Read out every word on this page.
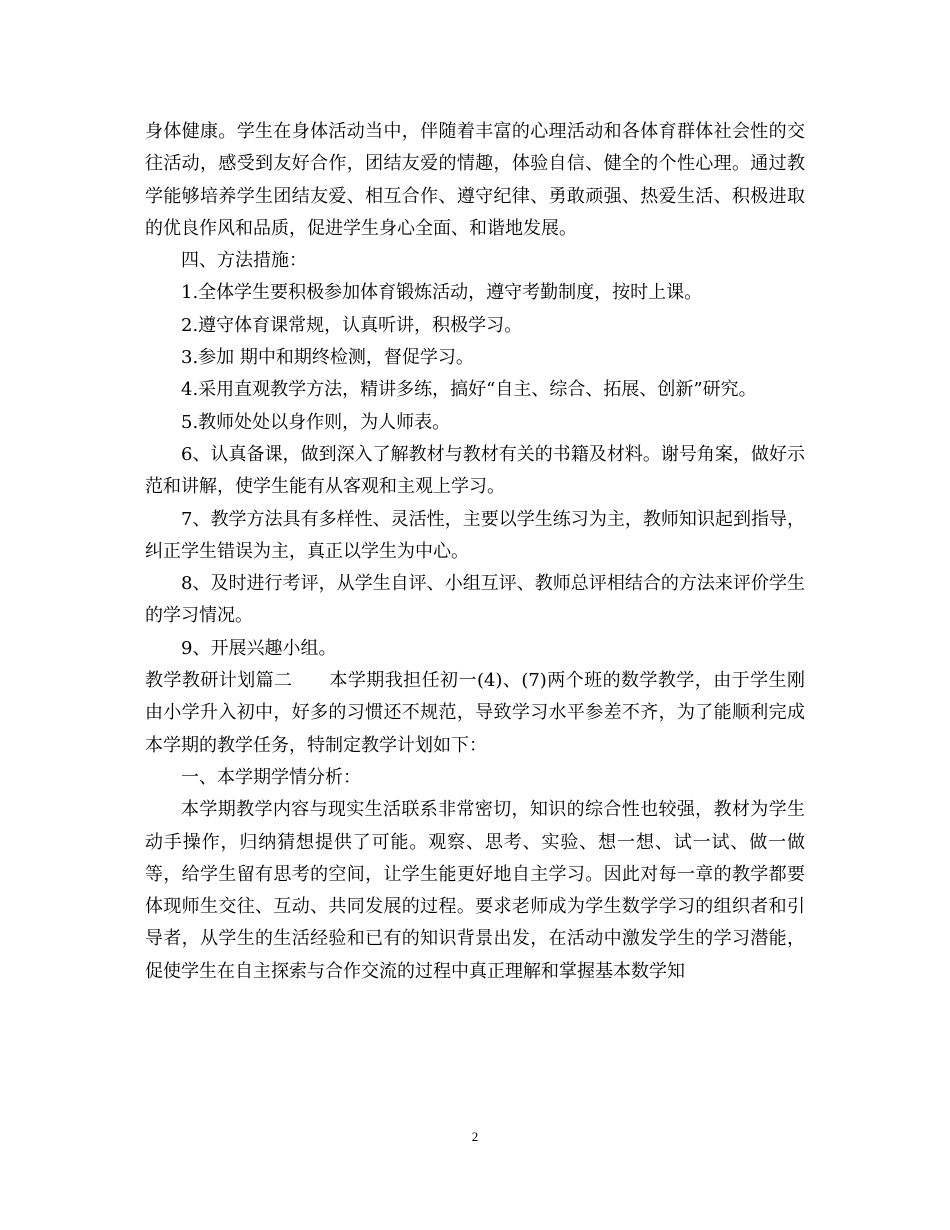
身体健康。学生在身体活动当中，伴随着丰富的心理活动和各体育群体社会性的交往活动，感受到友好合作，团结友爱的情趣，体验自信、健全的个性心理。通过教学能够培养学生团结友爱、相互合作、遵守纪律、勇敢顽强、热爱生活、积极进取的优良作风和品质，促进学生身心全面、和谐地发展。

四、方法措施：

1.全体学生要积极参加体育锻炼活动，遵守考勤制度，按时上课。

2.遵守体育课常规，认真听讲，积极学习。

3.参加 期中和期终检测，督促学习。

4.采用直观教学方法，精讲多练，搞好“自主、综合、拓展、创新”研究。

5.教师处处以身作则，为人师表。

6、认真备课，做到深入了解教材与教材有关的书籍及材料。谢号角案，做好示范和讲解，使学生能有从客观和主观上学习。

7、教学方法具有多样性、灵活性，主要以学生练习为主，教师知识起到指导，纠正学生错误为主，真正以学生为中心。

8、及时进行考评，从学生自评、小组互评、教师总评相结合的方法来评价学生的学习情况。

9、开展兴趣小组。

教学教研计划篇二　　本学期我担任初一(4)、(7)两个班的数学教学，由于学生刚由小学升入初中，好多的习惯还不规范，导致学习水平参差不齐，为了能顺利完成本学期的教学任务，特制定教学计划如下：

一、本学期学情分析：

本学期教学内容与现实生活联系非常密切，知识的综合性也较强，教材为学生动手操作，归纳猜想提供了可能。观察、思考、实验、想一想、试一试、做一做等，给学生留有思考的空间，让学生能更好地自主学习。因此对每一章的教学都要体现师生交往、互动、共同发展的过程。要求老师成为学生数学学习的组织者和引导者，从学生的生活经验和已有的知识背景出发，在活动中激发学生的学习潜能，促使学生在自主探索与合作交流的过程中真正理解和掌握基本数学知

2
